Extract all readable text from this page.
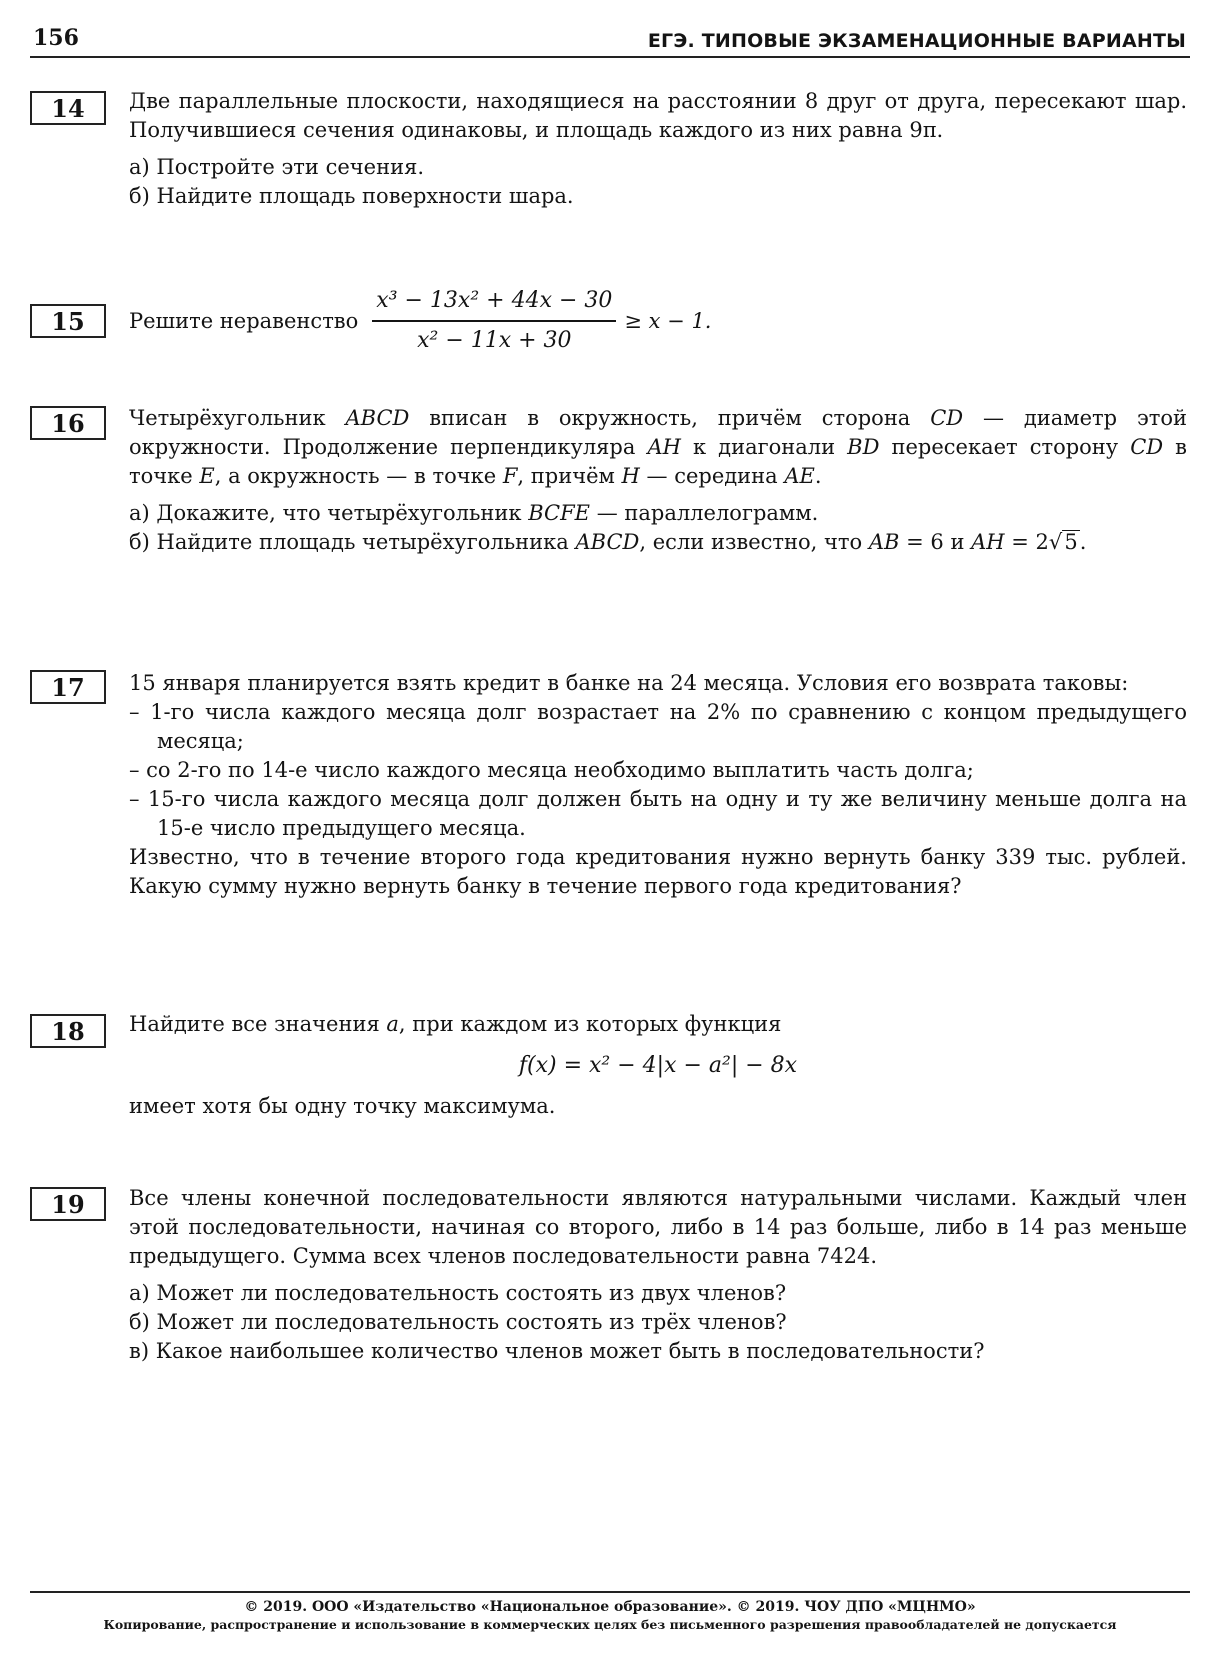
156	ЕГЭ. ТИПОВЫЕ ЭКЗАМЕНАЦИОННЫЕ ВАРИАНТЫ
14	Две параллельные плоскости, находящиеся на расстоянии 8 друг от друга, пересекают шар. Получившиеся сечения одинаковы, и площадь каждого из них равна 9π.

а) Постройте эти сечения.

б) Найдите площадь поверхности шара.

15	Решите неравенство $\frac{\text{x³ − 13x² + 44x − 30}}{\text{x² − 11x + 30}} \ge x - 1$.
16	Четырёхугольник ABCD вписан в окружность, причём сторона CD — диаметр этой окружности. Продолжение перпендикуляра AH к диагонали BD пересекает сторону CD в точке E, а окружность — в точке F, причём H — середина AE.

а) Докажите, что четырёхугольник BCFE — параллелограмм.

б) Найдите площадь четырёхугольника ABCD, если известно, что AB = 6 и AH = 2√5.

17	15 января планируется взять кредит в банке на 24 месяца. Условия его возврата таковы:

– 1-го числа каждого месяца долг возрастает на 2% по сравнению с концом предыдущего месяца;

– со 2-го по 14-е число каждого месяца необходимо выплатить часть долга;

– 15-го числа каждого месяца долг должен быть на одну и ту же величину меньше долга на 15-е число предыдущего месяца.

Известно, что в течение второго года кредитования нужно вернуть банку 339 тыс. рублей. Какую сумму нужно вернуть банку в течение первого года кредитования?

18	Найдите все значения a, при каждом из которых функция

f(x) = x² − 4|x − a²| − 8x

имеет хотя бы одну точку максимума.

19	Все члены конечной последовательности являются натуральными числами. Каждый член этой последовательности, начиная со второго, либо в 14 раз больше, либо в 14 раз меньше предыдущего. Сумма всех членов последовательности равна 7424.

а) Может ли последовательность состоять из двух членов?

б) Может ли последовательность состоять из трёх членов?

в) Какое наибольшее количество членов может быть в последовательности?

© 2019. ООО «Издательство «Национальное образование». © 2019. ЧОУ ДПО «МЦНМО»
Копирование, распространение и использование в коммерческих целях без письменного разрешения правообладателей не допускается
